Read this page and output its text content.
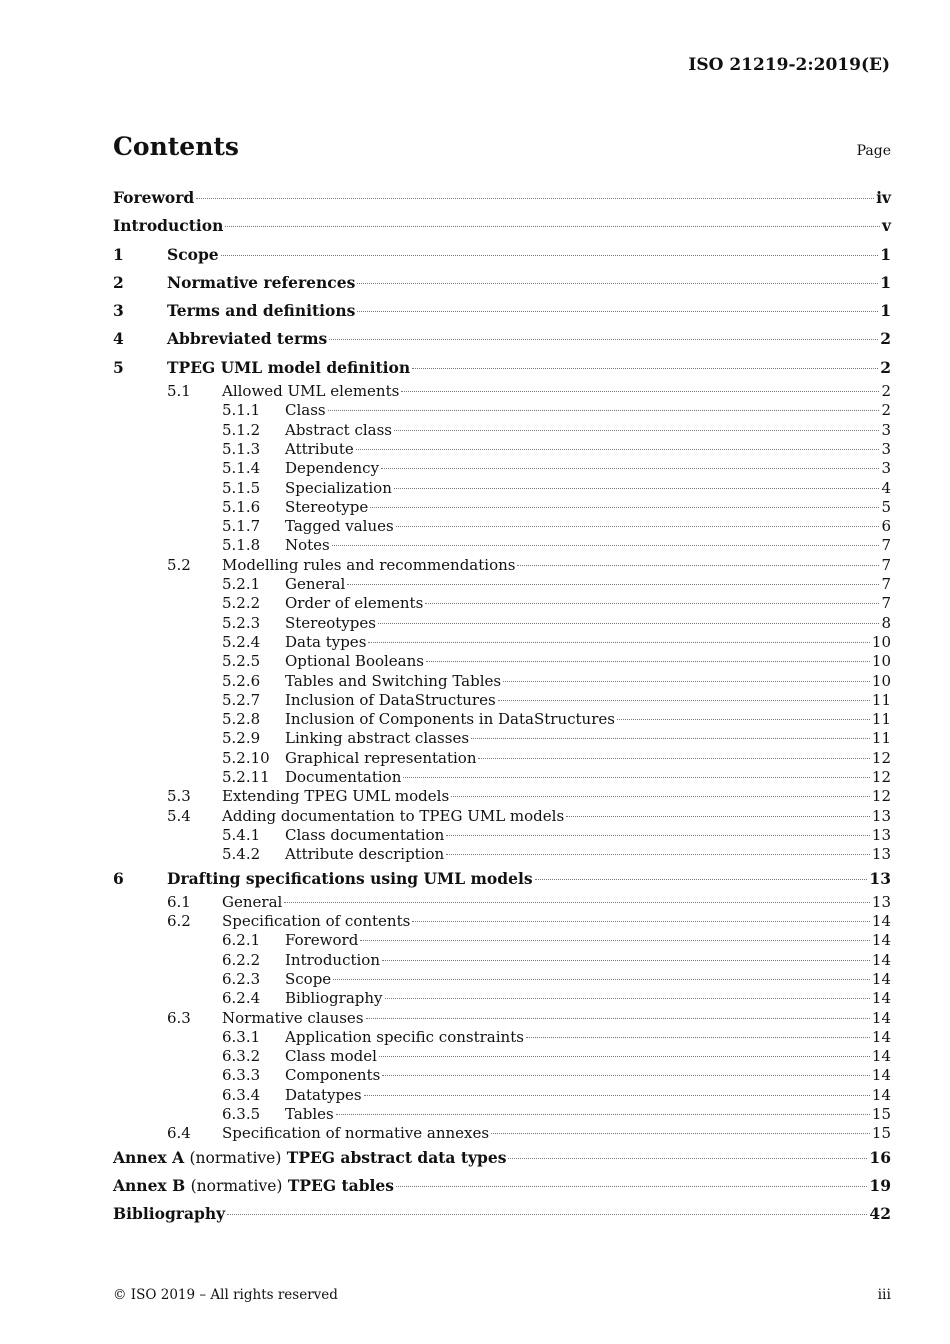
ISO 21219-2:2019(E)
Contents	Page
Foreword	iv
Introduction	v
1	Scope	1
2	Normative references	1
3	Terms and definitions	1
4	Abbreviated terms	2
5	TPEG UML model definition	2
5.1	Allowed UML elements	2
5.1.1	Class	2
5.1.2	Abstract class	3
5.1.3	Attribute	3
5.1.4	Dependency	3
5.1.5	Specialization	4
5.1.6	Stereotype	5
5.1.7	Tagged values	6
5.1.8	Notes	7
5.2	Modelling rules and recommendations	7
5.2.1	General	7
5.2.2	Order of elements	7
5.2.3	Stereotypes	8
5.2.4	Data types	10
5.2.5	Optional Booleans	10
5.2.6	Tables and Switching Tables	10
5.2.7	Inclusion of DataStructures	11
5.2.8	Inclusion of Components in DataStructures	11
5.2.9	Linking abstract classes	11
5.2.10	Graphical representation	12
5.2.11	Documentation	12
5.3	Extending TPEG UML models	12
5.4	Adding documentation to TPEG UML models	13
5.4.1	Class documentation	13
5.4.2	Attribute description	13
6	Drafting specifications using UML models	13
6.1	General	13
6.2	Specification of contents	14
6.2.1	Foreword	14
6.2.2	Introduction	14
6.2.3	Scope	14
6.2.4	Bibliography	14
6.3	Normative clauses	14
6.3.1	Application specific constraints	14
6.3.2	Class model	14
6.3.3	Components	14
6.3.4	Datatypes	14
6.3.5	Tables	15
6.4	Specification of normative annexes	15
Annex A (normative) TPEG abstract data types	16
Annex B (normative) TPEG tables	19
Bibliography	42
© ISO 2019 – All rights reserved	iii
